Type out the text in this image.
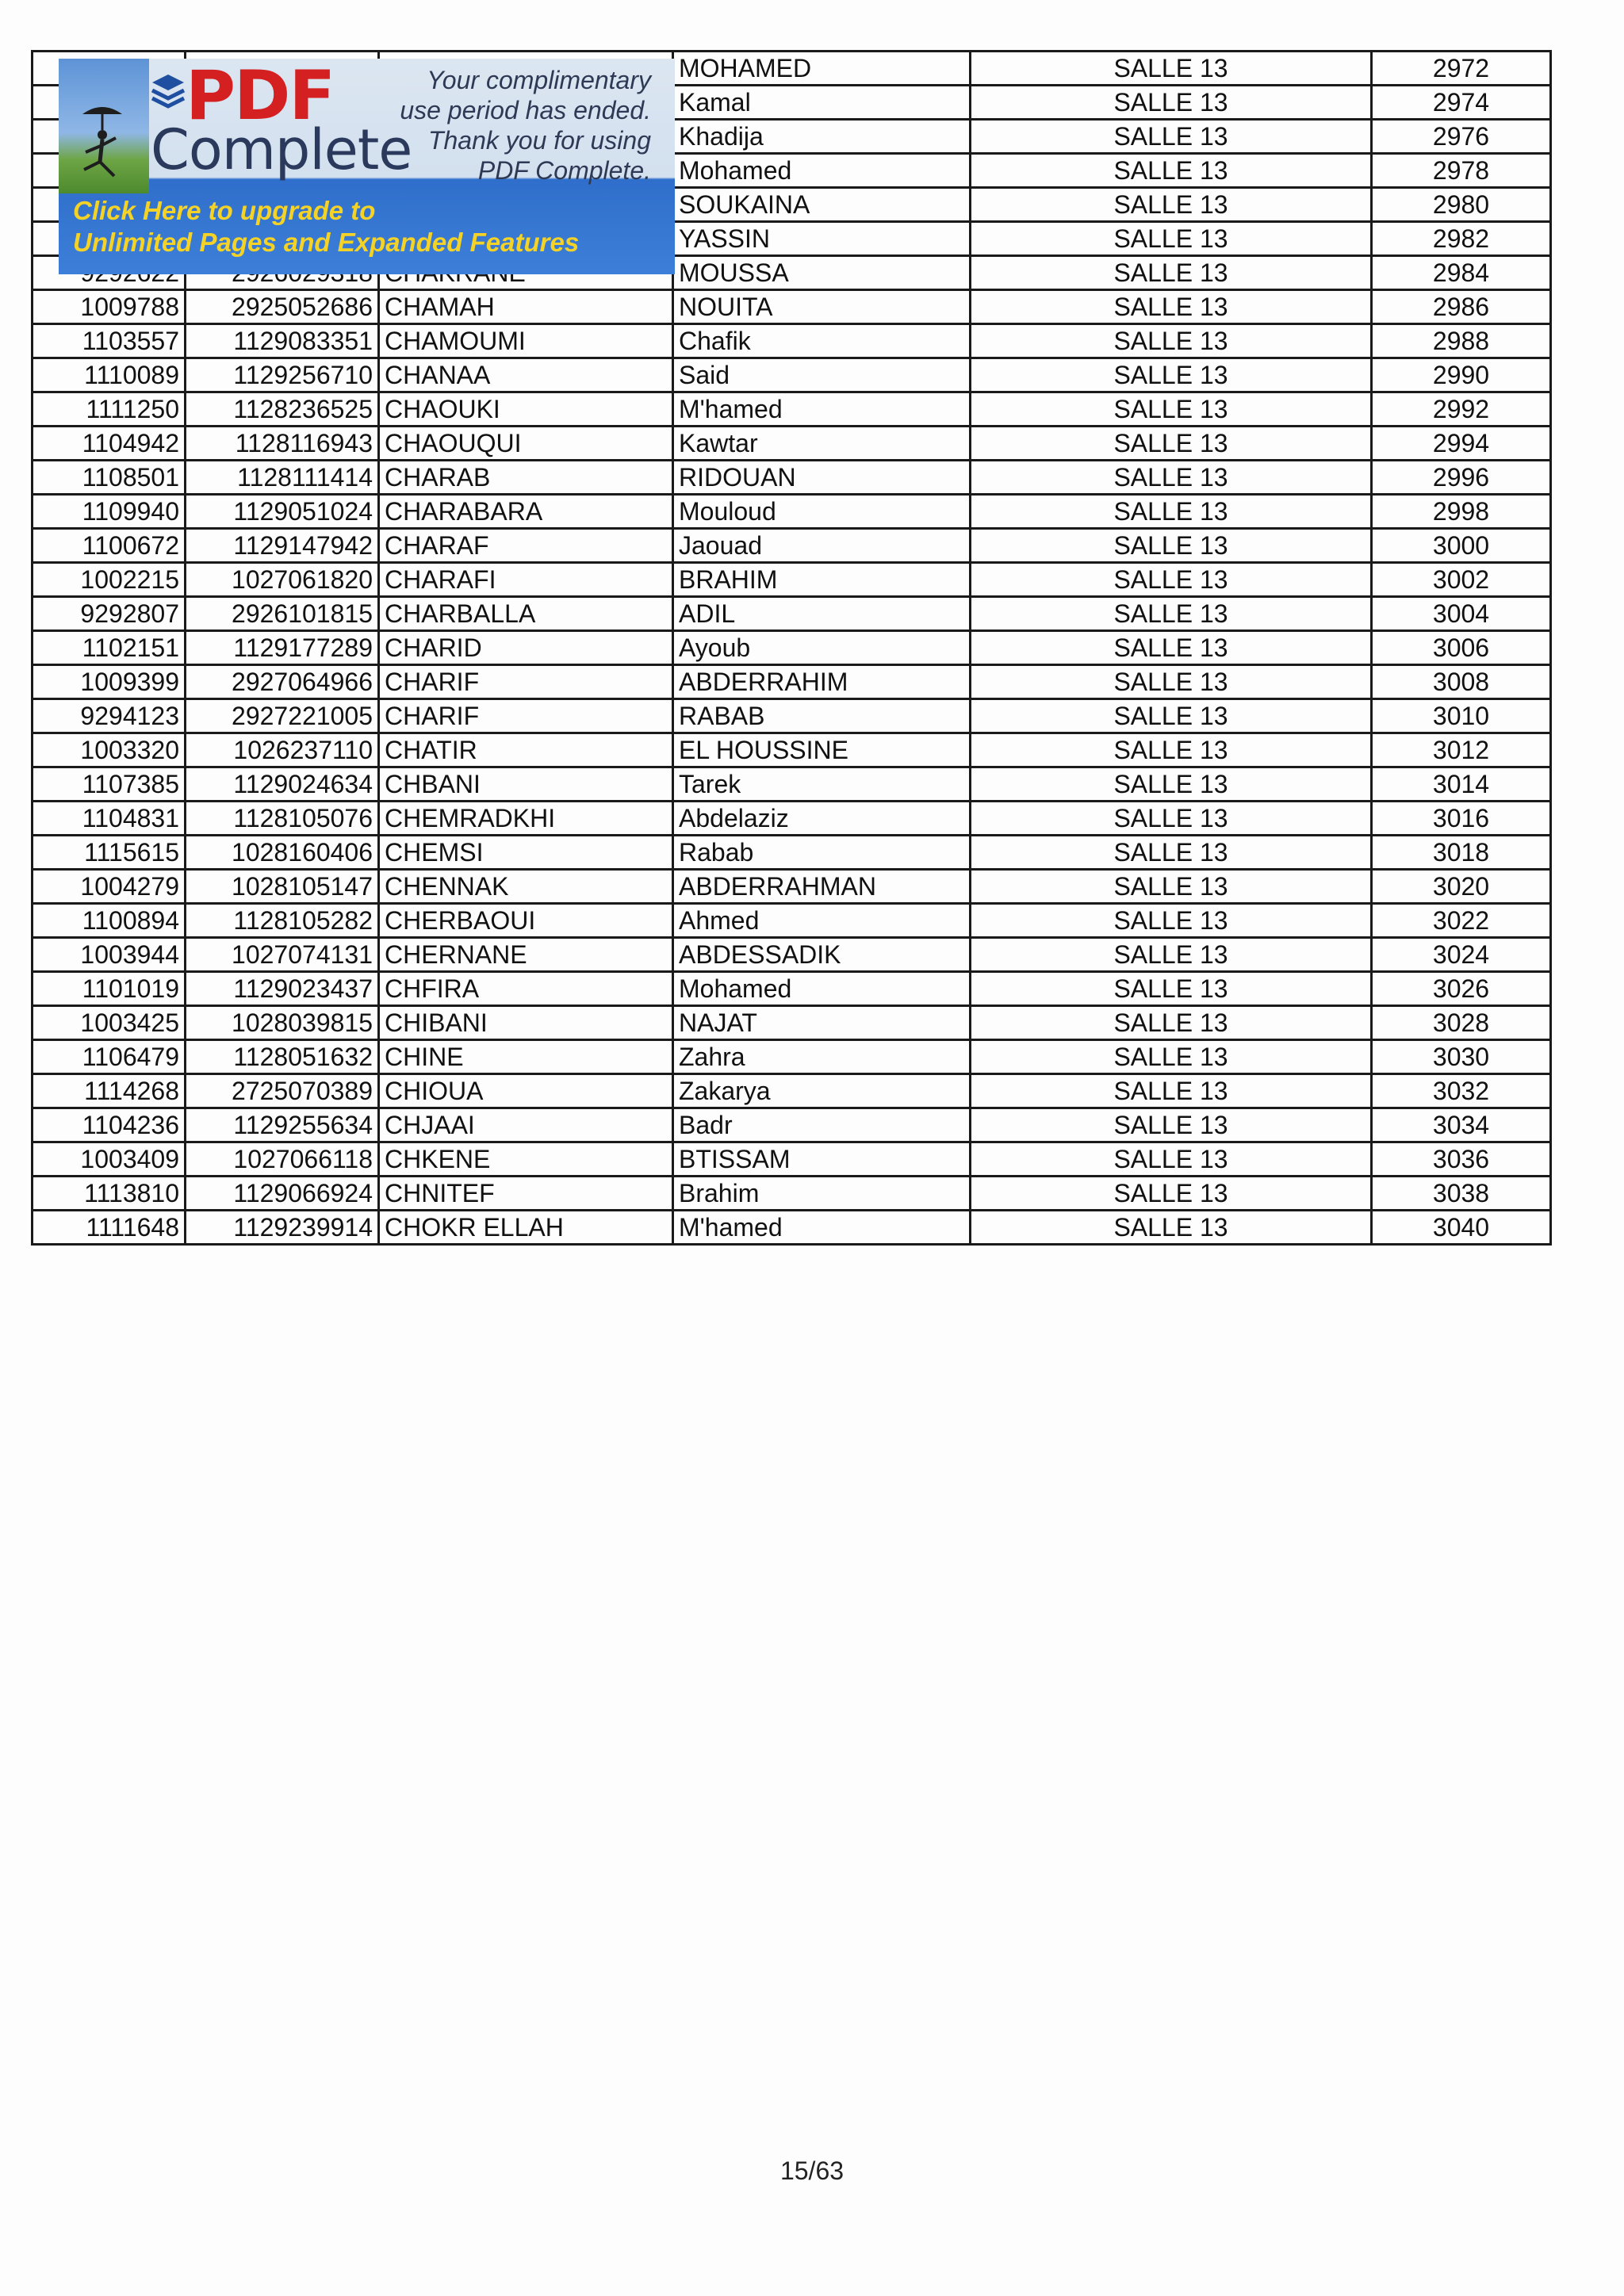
			MOHAMED	SALLE 13	2972
			Kamal	SALLE 13	2974
			Khadija	SALLE 13	2976
			Mohamed	SALLE 13	2978
			SOUKAINA	SALLE 13	2980
			YASSIN	SALLE 13	2982
			MOUSSA	SALLE 13	2984
1009788	2925052686	CHAMAH	NOUITA	SALLE 13	2986
1103557	1129083351	CHAMOUMI	Chafik	SALLE 13	2988
1110089	1129256710	CHANAA	Said	SALLE 13	2990
1111250	1128236525	CHAOUKI	M'hamed	SALLE 13	2992
1104942	1128116943	CHAOUQUI	Kawtar	SALLE 13	2994
1108501	1128111414	CHARAB	RIDOUAN	SALLE 13	2996
1109940	1129051024	CHARABARA	Mouloud	SALLE 13	2998
1100672	1129147942	CHARAF	Jaouad	SALLE 13	3000
1002215	1027061820	CHARAFI	BRAHIM	SALLE 13	3002
9292807	2926101815	CHARBALLA	ADIL	SALLE 13	3004
1102151	1129177289	CHARID	Ayoub	SALLE 13	3006
1009399	2927064966	CHARIF	ABDERRAHIM	SALLE 13	3008
9294123	2927221005	CHARIF	RABAB	SALLE 13	3010
1003320	1026237110	CHATIR	EL HOUSSINE	SALLE 13	3012
1107385	1129024634	CHBANI	Tarek	SALLE 13	3014
1104831	1128105076	CHEMRADKHI	Abdelaziz	SALLE 13	3016
1115615	1028160406	CHEMSI	Rabab	SALLE 13	3018
1004279	1028105147	CHENNAK	ABDERRAHMAN	SALLE 13	3020
1100894	1128105282	CHERBAOUI	Ahmed	SALLE 13	3022
1003944	1027074131	CHERNANE	ABDESSADIK	SALLE 13	3024
1101019	1129023437	CHFIRA	Mohamed	SALLE 13	3026
1003425	1028039815	CHIBANI	NAJAT	SALLE 13	3028
1106479	1128051632	CHINE	Zahra	SALLE 13	3030
1114268	2725070389	CHIOUA	Zakarya	SALLE 13	3032
1104236	1129255634	CHJAAI	Badr	SALLE 13	3034
1003409	1027066118	CHKENE	BTISSAM	SALLE 13	3036
1113810	1129066924	CHNITEF	Brahim	SALLE 13	3038
1111648	1129239914	CHOKR ELLAH	M'hamed	SALLE 13	3040
PDF
Complete
Your complimentary
use period has ended.
Thank you for using
PDF Complete.
Click Here to upgrade to
Unlimited Pages and Expanded Features
15/63
